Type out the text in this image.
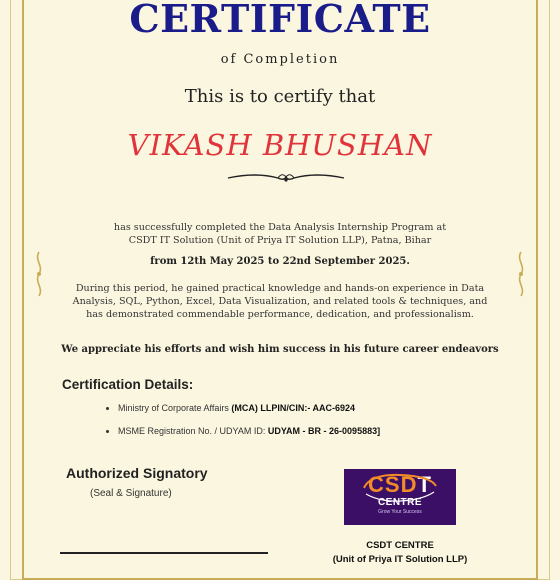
CERTIFICATE
of Completion
This is to certify that
VIKASH BHUSHAN
has successfully completed the Data Analysis Internship Program at
CSDT IT Solution (Unit of Priya IT Solution LLP), Patna, Bihar
from 12th May 2025 to 22nd September 2025.
During this period, he gained practical knowledge and hands-on experience in Data
Analysis, SQL, Python, Excel, Data Visualization, and related tools & techniques, and
has demonstrated commendable performance, dedication, and professionalism.
We appreciate his efforts and wish him success in his future career endeavors
Certification Details:
Ministry of Corporate Affairs (MCA) LLPIN/CIN:- AAC-6924
MSME Registration No. / UDYAM ID: UDYAM - BR - 26-0095883]
Authorized Signatory
(Seal & Signature)	CSDT
CENTRE
Grow Your Success
CSDT CENTRE
(Unit of Priya IT Solution LLP)
